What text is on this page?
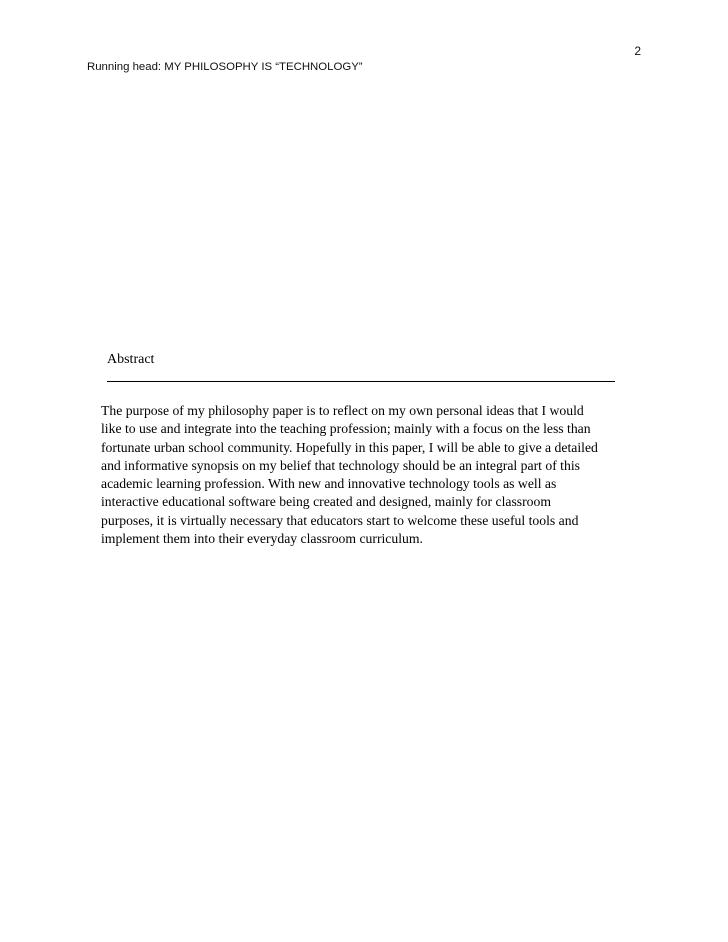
2
Running head: MY PHILOSOPHY IS “TECHNOLOGY”
Abstract
The purpose of my philosophy paper is to reflect on my own personal ideas that I would
like to use and integrate into the teaching profession; mainly with a focus on the less than
fortunate urban school community. Hopefully in this paper, I will be able to give a detailed
and informative synopsis on my belief that technology should be an integral part of this
academic learning profession. With new and innovative technology tools as well as
interactive educational software being created and designed, mainly for classroom
purposes, it is virtually necessary that educators start to welcome these useful tools and
implement them into their everyday classroom curriculum.
